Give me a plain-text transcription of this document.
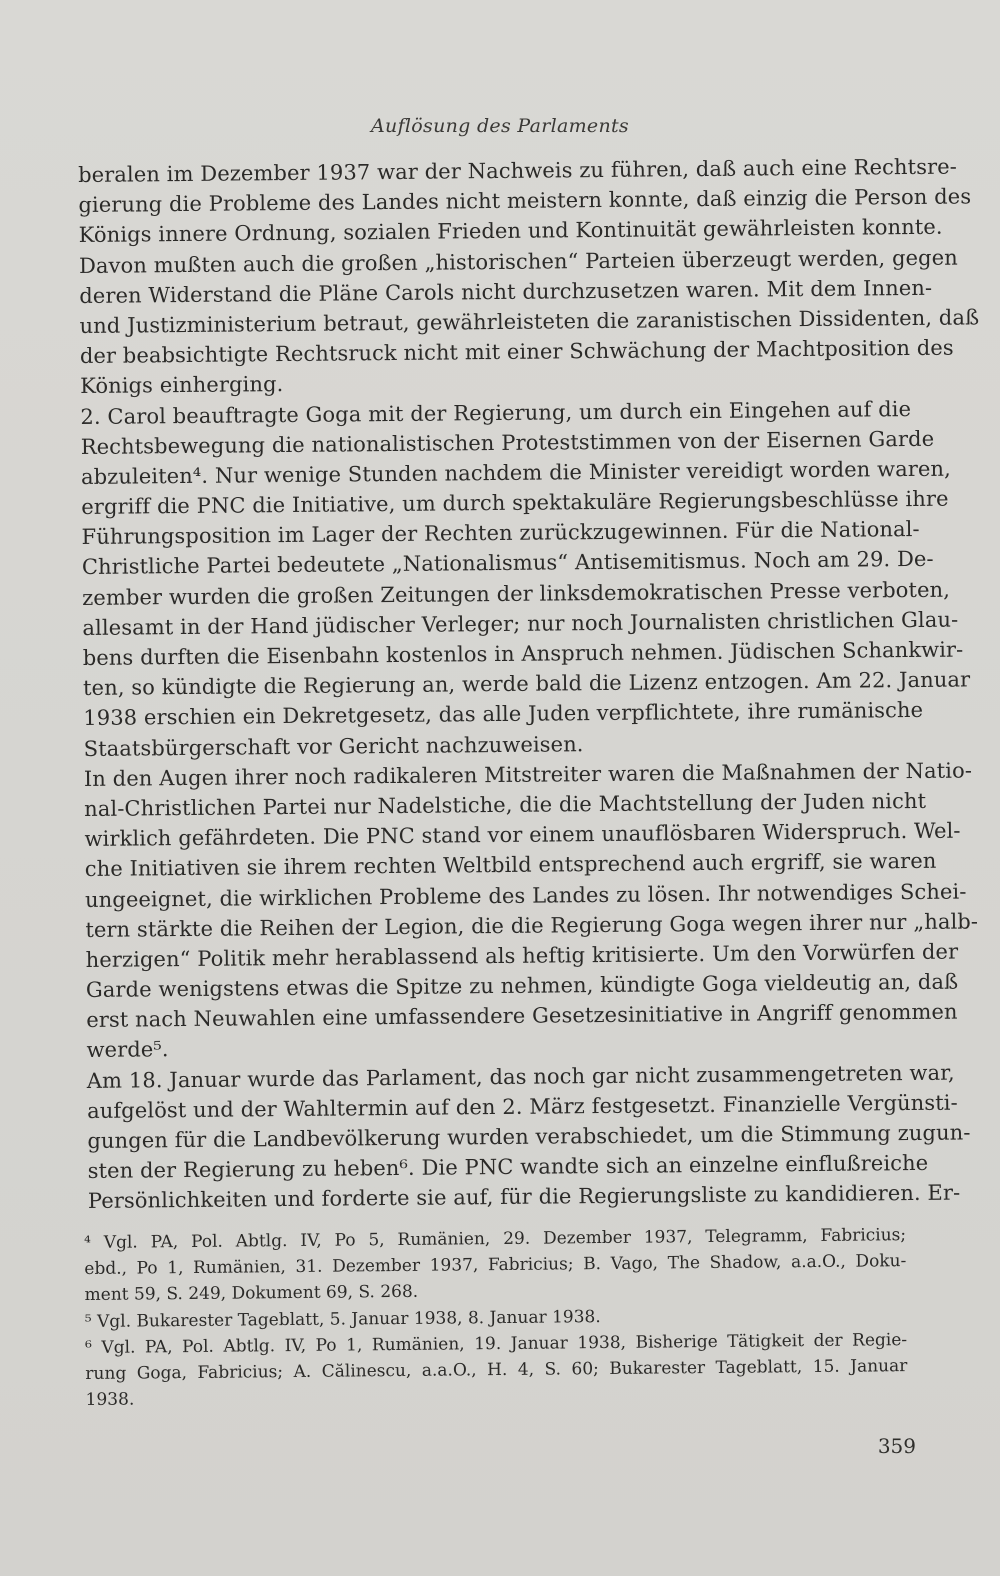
Auflösung des Parlaments
beralen im Dezember 1937 war der Nachweis zu führen, daß auch eine Rechtsre-
gierung die Probleme des Landes nicht meistern konnte, daß einzig die Person des
Königs innere Ordnung, sozialen Frieden und Kontinuität gewährleisten konnte.
Davon mußten auch die großen „historischen“ Parteien überzeugt werden, gegen
deren Widerstand die Pläne Carols nicht durchzusetzen waren. Mit dem Innen-
und Justizministerium betraut, gewährleisteten die zaranistischen Dissidenten, daß
der beabsichtigte Rechtsruck nicht mit einer Schwächung der Machtposition des
Königs einherging.
2. Carol beauftragte Goga mit der Regierung, um durch ein Eingehen auf die
Rechtsbewegung die nationalistischen Proteststimmen von der Eisernen Garde
abzuleiten⁴. Nur wenige Stunden nachdem die Minister vereidigt worden waren,
ergriff die PNC die Initiative, um durch spektakuläre Regierungsbeschlüsse ihre
Führungsposition im Lager der Rechten zurückzugewinnen. Für die National-
Christliche Partei bedeutete „Nationalismus“ Antisemitismus. Noch am 29. De-
zember wurden die großen Zeitungen der linksdemokratischen Presse verboten,
allesamt in der Hand jüdischer Verleger; nur noch Journalisten christlichen Glau-
bens durften die Eisenbahn kostenlos in Anspruch nehmen. Jüdischen Schankwir-
ten, so kündigte die Regierung an, werde bald die Lizenz entzogen. Am 22. Januar
1938 erschien ein Dekretgesetz, das alle Juden verpflichtete, ihre rumänische
Staatsbürgerschaft vor Gericht nachzuweisen.
In den Augen ihrer noch radikaleren Mitstreiter waren die Maßnahmen der Natio-
nal-Christlichen Partei nur Nadelstiche, die die Machtstellung der Juden nicht
wirklich gefährdeten. Die PNC stand vor einem unauflösbaren Widerspruch. Wel-
che Initiativen sie ihrem rechten Weltbild entsprechend auch ergriff, sie waren
ungeeignet, die wirklichen Probleme des Landes zu lösen. Ihr notwendiges Schei-
tern stärkte die Reihen der Legion, die die Regierung Goga wegen ihrer nur „halb-
herzigen“ Politik mehr herablassend als heftig kritisierte. Um den Vorwürfen der
Garde wenigstens etwas die Spitze zu nehmen, kündigte Goga vieldeutig an, daß
erst nach Neuwahlen eine umfassendere Gesetzesinitiative in Angriff genommen
werde⁵.
Am 18. Januar wurde das Parlament, das noch gar nicht zusammengetreten war,
aufgelöst und der Wahltermin auf den 2. März festgesetzt. Finanzielle Vergünsti-
gungen für die Landbevölkerung wurden verabschiedet, um die Stimmung zugun-
sten der Regierung zu heben⁶. Die PNC wandte sich an einzelne einflußreiche
Persönlichkeiten und forderte sie auf, für die Regierungsliste zu kandidieren. Er-
⁴ Vgl. PA, Pol. Abtlg. IV, Po 5, Rumänien, 29. Dezember 1937, Telegramm, Fabricius;
ebd., Po 1, Rumänien, 31. Dezember 1937, Fabricius; B. Vago, The Shadow, a.a.O., Doku-
ment 59, S. 249, Dokument 69, S. 268.
⁵ Vgl. Bukarester Tageblatt, 5. Januar 1938, 8. Januar 1938.
⁶ Vgl. PA, Pol. Abtlg. IV, Po 1, Rumänien, 19. Januar 1938, Bisherige Tätigkeit der Regie-
rung Goga, Fabricius; A. Călinescu, a.a.O., H. 4, S. 60; Bukarester Tageblatt, 15. Januar
1938.
359
